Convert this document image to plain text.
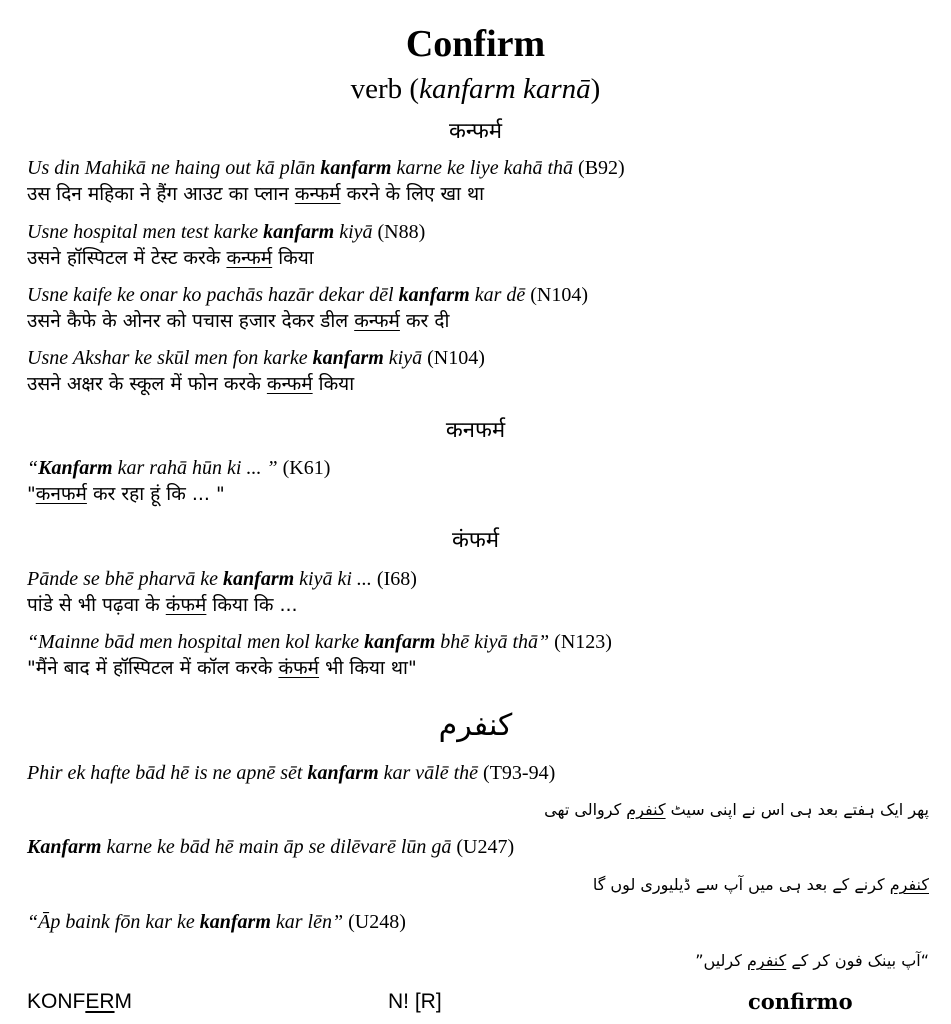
Confirm
verb (kanfarm karnā)
कन्फर्म
Us din Mahikā ne haing out kā plān kanfarm karne ke liye kahā thā (B92)
उस दिन महिका ने हैंग आउट का प्लान कन्फर्म करने के लिए खा था
Usne hospital men test karke kanfarm kiyā (N88)
उसने हॉस्पिटल में टेस्ट करके कन्फर्म किया
Usne kaife ke onar ko pachās hazār dekar dēl kanfarm kar dē (N104)
उसने कैफे के ओनर को पचास हजार देकर डील कन्फर्म कर दी
Usne Akshar ke skūl men fon karke kanfarm kiyā (N104)
उसने अक्षर के स्कूल में फोन करके कन्फर्म किया
कनफर्म
“Kanfarm kar rahā hūn ki ... ” (K61)
"कनफर्म कर रहा हूं कि ... "
कंफर्म
Pānde se bhē pharvā ke kanfarm kiyā ki ... (I68)
पांडे से भी पढ़वा के कंफर्म किया कि ...
“Mainne bād men hospital men kol karke kanfarm bhē kiyā thā” (N123)
"मैंने बाद में हॉस्पिटल में कॉल करके कंफर्म भी किया था"
کنفرم
Phir ek hafte bād hē is ne apnē sēt kanfarm kar vālē thē (T93-94)
پھر ایک ہفتے بعد ہی اس نے اپنی سیٹ کنفرم کروالی تھی
Kanfarm karne ke bād hē main āp se dilēvarē lūn gā (U247)
کنفرم کرنے کے بعد ہی میں آپ سے ڈیلیوری لوں گا
“Āp baink fōn kar ke kanfarm kar lēn” (U248)
“آپ بینک فون کر کے کنفرم کرلیں”
KONFERM	N! [R]	confirmo
